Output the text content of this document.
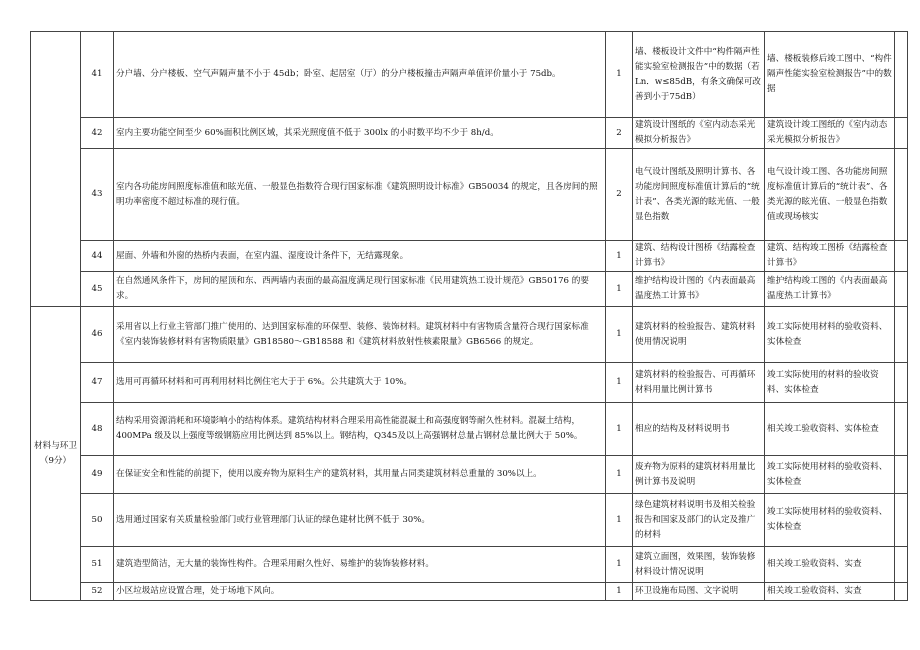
	41	分户墙、分户楼板、空气声隔声量不小于 45db；卧室、起居室（厅）的分户楼板撞击声隔声单值评价量小于 75db。	1	墙、楼板设计文件中“构件隔声性能实验室检测报告”中的数据（若 Ln．w≤85dB，有条文确保可改善到小于75dB）	墙、楼板装修后竣工图中、“构件隔声性能实验室检测报告”中的数据	
	42	室内主要功能空间至少 60%面积比例区域，其采光照度值不低于 300lx 的小时数平均不少于 8h/d。	2	建筑设计图纸的《室内动态采光模拟分析报告》	建筑设计竣工图纸的《室内动态采光模拟分析报告》	
	43	室内各功能房间照度标准值和眩光值、一般显色指数符合现行国家标准《建筑照明设计标准》GB50034 的规定，且各房间的照明功率密度不超过标准的现行值。	2	电气设计图纸及照明计算书、各功能房间照度标准值计算后的“统计表”、各类光源的眩光值、一般显色指数	电气设计竣工图、各功能房间照度标准值计算后的“统计表”、各类光源的眩光值、一般显色指数值或现场核实	
	44	屋面、外墙和外窗的热桥内表面，在室内温、湿度设计条件下，无结露现象。	1	建筑、结构设计图桥《结露检查计算书》	建筑、结构竣工图桥《结露检查计算书》	
	45	在自然通风条件下，房间的屋顶和东、西两墙内表面的最高温度满足现行国家标准《民用建筑热工设计规范》GB50176 的要求。	1	维护结构设计图的《内表面最高温度热工计算书》	维护结构竣工图的《内表面最高温度热工计算书》	
材料与环卫（9分）	46	采用省以上行业主管部门推广使用的、达到国家标准的环保型、装修、装饰材料。建筑材料中有害物质含量符合现行国家标准《室内装饰装修材料有害物质限量》GB18580～GB18588 和《建筑材料放射性核素限量》GB6566 的规定。	1	建筑材料的检验报告、建筑材料使用情况说明	竣工实际使用材料的验收资料、实体检查	
	47	选用可再循环材料和可再利用材料比例住宅大于于 6%。公共建筑大于 10%。	1	建筑材料的检验报告、可再循环材料用量比例计算书	竣工实际使用的材料的验收资料、实体检查	
	48	结构采用资源消耗和环境影响小的结构体系。建筑结构材料合理采用高性能混凝土和高强度钢等耐久性材料。混凝土结构，400MPa 级及以上强度等级钢筋应用比例达到 85%以上。钢结构，Q345及以上高强钢材总量占钢材总量比例大于 50%。	1	相应的结构及材料说明书	相关竣工验收资料、实体检查	
	49	在保证安全和性能的前提下，使用以废弃物为原料生产的建筑材料，其用量占同类建筑材料总重量的 30%以上。	1	废弃物为原料的建筑材料用量比例计算书及说明	竣工实际使用材料的验收资料、实体检查	
	50	选用通过国家有关质量检验部门或行业管理部门认证的绿色建材比例不低于 30%。	1	绿色建筑材料说明书及相关检验报告和国家及部门的认定及推广的材料	竣工实际使用材料的验收资料、实体检查	
	51	建筑造型简洁，无大量的装饰性构件。合理采用耐久性好、易维护的装饰装修材料。	1	建筑立面图，效果图，装饰装修材料设计情况说明	相关竣工验收资料、实查	
	52	小区垃圾站应设置合理，处于场地下风向。	1	环卫设施布局图、文字说明	相关竣工验收资料、实查	
